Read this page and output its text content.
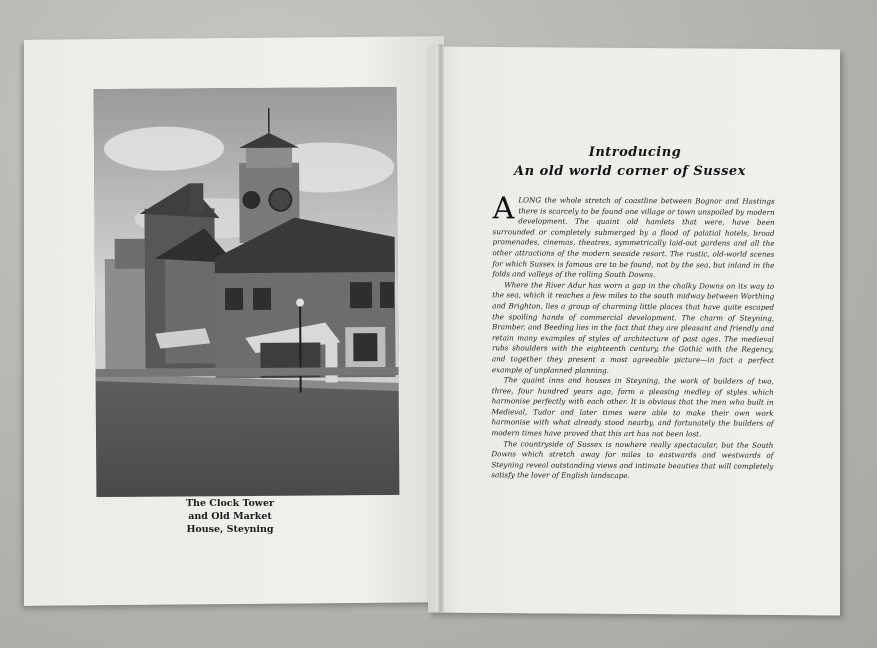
~
The Clock Tower
and Old Market
House, Steyning
Introducing
An old world corner of Sussex

ALONG the whole stretch of coastline between Bognor and Hastings there is scarcely to be found one village or town unspoiled by modern development. The quaint old hamlets that were, have been surrounded or completely submerged by a flood of palatial hotels, broad promenades, cinemas, theatres, symmetrically laid-out gardens and all the other attractions of the modern seaside resort. The rustic, old-world scenes for which Sussex is famous are to be found, not by the sea, but inland in the folds and valleys of the rolling South Downs.

Where the River Adur has worn a gap in the chalky Downs on its way to the sea, which it reaches a few miles to the south midway between Worthing and Brighton, lies a group of charming little places that have quite escaped the spoiling hands of commercial development. The charm of Steyning, Bramber, and Beeding lies in the fact that they are pleasant and friendly and retain many examples of styles of architecture of past ages. The medieval rubs shoulders with the eighteenth century, the Gothic with the Regency, and together they present a most agreeable picture—in fact a perfect example of unplanned planning.

The quaint inns and houses in Steyning, the work of builders of two, three, four hundred years ago, form a pleasing medley of styles which harmonise perfectly with each other. It is obvious that the men who built in Medieval, Tudor and later times were able to make their own work harmonise with what already stood nearby, and fortunately the builders of modern times have proved that this art has not been lost.

The countryside of Sussex is nowhere really spectacular, but the South Downs which stretch away for miles to eastwards and westwards of Steyning reveal outstanding views and intimate beauties that will completely satisfy the lover of English landscape.
